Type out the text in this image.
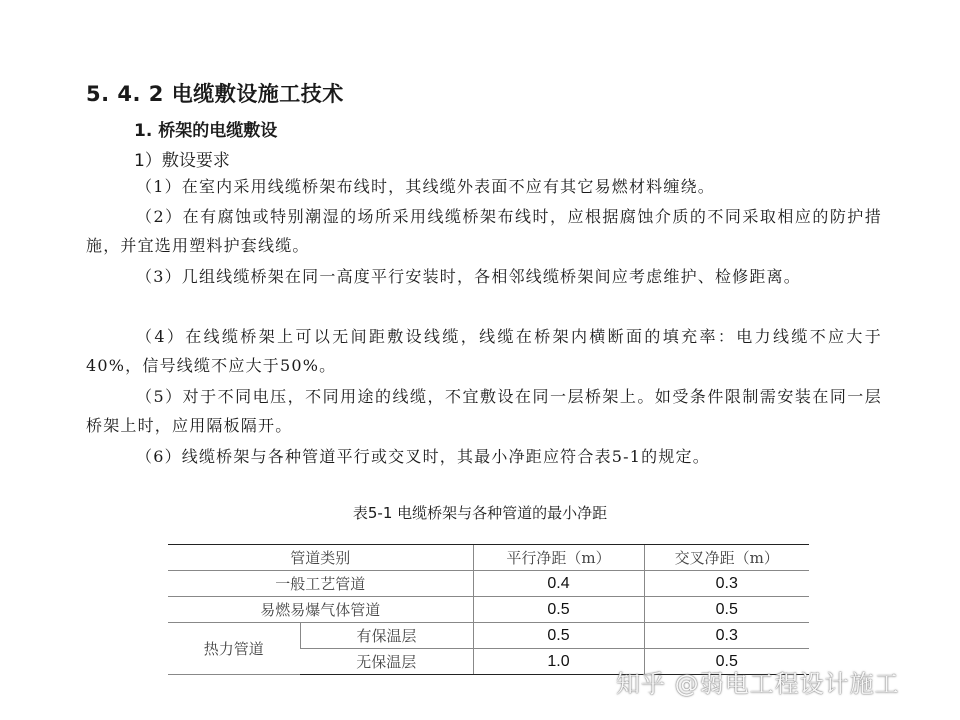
5. 4. 2 电缆敷设施工技术
1. 桥架的电缆敷设
1）敷设要求
（1）在室内采用线缆桥架布线时，其线缆外表面不应有其它易燃材料缠绕。
（2）在有腐蚀或特别潮湿的场所采用线缆桥架布线时，应根据腐蚀介质的不同采取相应的防护措施，并宜选用塑料护套线缆。
（3）几组线缆桥架在同一高度平行安装时，各相邻线缆桥架间应考虑维护、检修距离。
（4）在线缆桥架上可以无间距敷设线缆，线缆在桥架内横断面的填充率：电力线缆不应大于40%，信号线缆不应大于50%。
（5）对于不同电压，不同用途的线缆，不宜敷设在同一层桥架上。如受条件限制需安装在同一层桥架上时，应用隔板隔开。
（6）线缆桥架与各种管道平行或交叉时，其最小净距应符合表5-1的规定。
表5-1 电缆桥架与各种管道的最小净距
管道类别		平行净距（m）	交叉净距（m）
一般工艺管道		0.4	0.3
易燃易爆气体管道		0.5	0.5
热力管道	有保温层	0.5	0.3
	无保温层	1.0	0.5
知乎 @弱电工程设计施工
